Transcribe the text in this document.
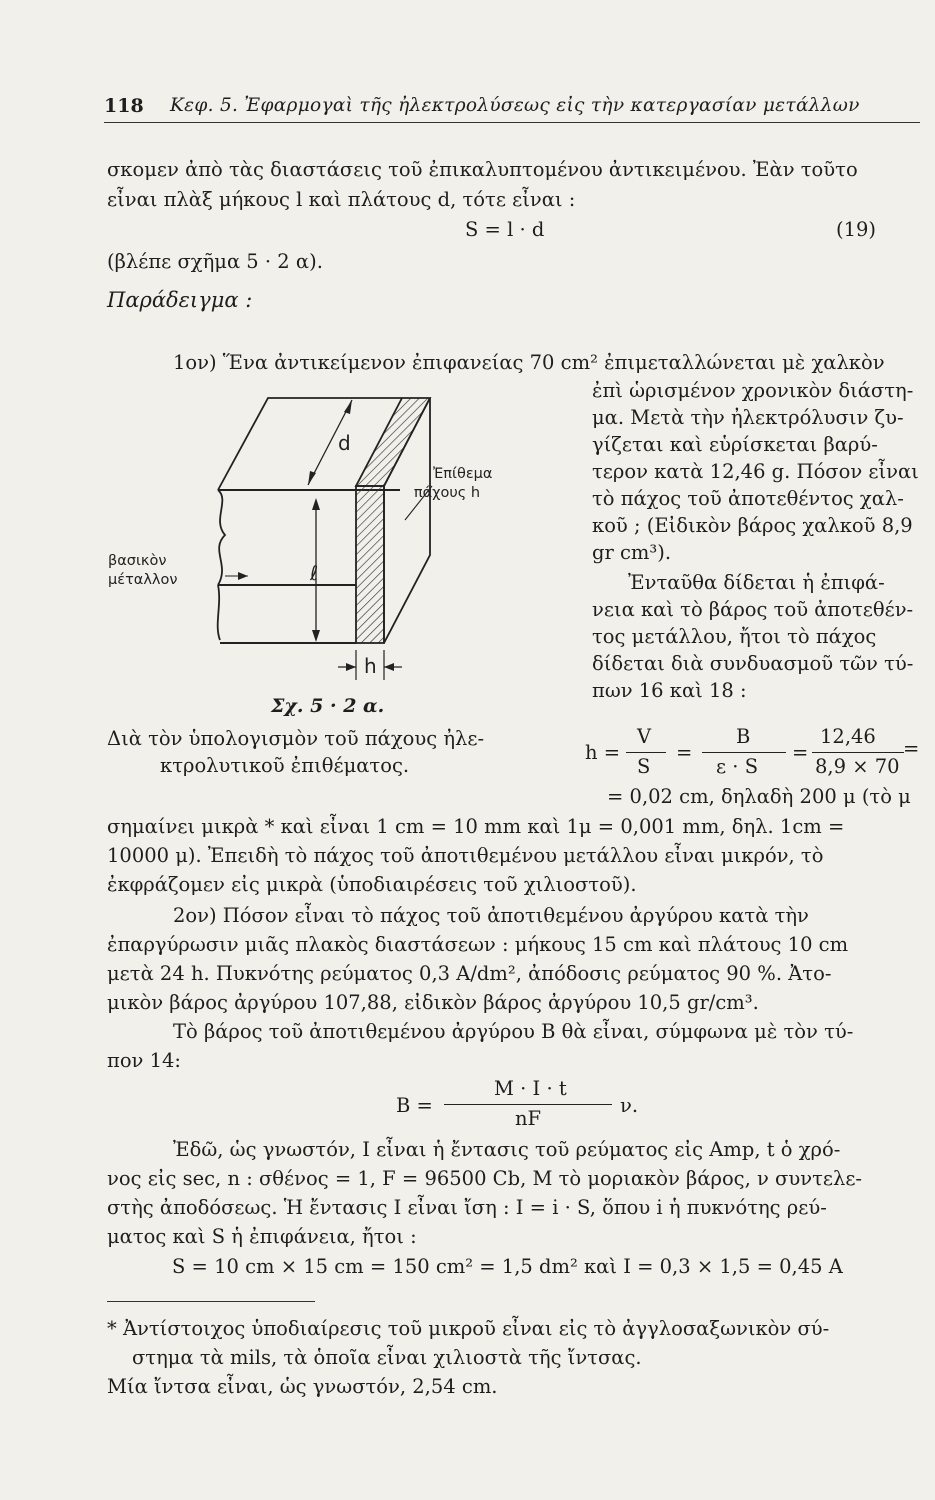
118 Κεφ. 5. Ἐφαρμογαὶ τῆς ἠλεκτρολύσεως εἰς τὴν κατεργασίαν μετάλλων
σκομεν ἀπὸ τὰς διαστάσεις τοῦ ἐπικαλυπτομένου ἀντικειμένου. Ἐὰν τοῦτο
εἶναι πλὰξ μήκους l καὶ πλάτους d, τότε εἶναι :
S = l · d	(19)
(βλέπε σχῆμα 5 · 2 α).
Παράδειγμα :
1ον) Ἕνα ἀντικείμενον ἐπιφανείας 70 cm² ἐπιμεταλλώνεται μὲ χαλκὸν
ἐπὶ ὡρισμένον χρονικὸν διάστη-
μα. Μετὰ τὴν ἠλεκτρόλυσιν ζυ-
γίζεται καὶ εὑρίσκεται βαρύ-
τερον κατὰ 12,46 g. Πόσον εἶναι
τὸ πάχος τοῦ ἀποτεθέντος χαλ-
κοῦ ; (Εἰδικὸν βάρος χαλκοῦ 8,9
gr cm³).
Ἐνταῦθα δίδεται ἡ ἐπιφά-
νεια καὶ τὸ βάρος τοῦ ἀποτεθέν-
τος μετάλλου, ἤτοι τὸ πάχος
δίδεται διὰ συνδυασμοῦ τῶν τύ-
πων 16 καὶ 18 :
d
ℓ
h
Ἐπίθεμα
πάχους h
βασικὸν
μέταλλον
Σχ. 5 · 2 α.
Διὰ τὸν ὑπολογισμὸν τοῦ πάχους ἠλε-
κτρολυτικοῦ ἐπιθέματος.
h =
V
S
=
B
ε · S
=
12,46
8,9 × 70
=
= 0,02 cm, δηλαδὴ 200 μ (τὸ μ
σημαίνει μικρὰ * καὶ εἶναι 1 cm = 10 mm καὶ 1μ = 0,001 mm, δηλ. 1cm =
10000 μ). Ἐπειδὴ τὸ πάχος τοῦ ἀποτιθεμένου μετάλλου εἶναι μικρόν, τὸ
ἐκφράζομεν εἰς μικρὰ (ὑποδιαιρέσεις τοῦ χιλιοστοῦ).
2ον) Πόσον εἶναι τὸ πάχος τοῦ ἀποτιθεμένου ἀργύρου κατὰ τὴν
ἐπαργύρωσιν μιᾶς πλακὸς διαστάσεων : μήκους 15 cm καὶ πλάτους 10 cm
μετὰ 24 h. Πυκνότης ρεύματος 0,3 A/dm², ἀπόδοσις ρεύματος 90 %. Ἀτο-
μικὸν βάρος ἀργύρου 107,88, εἰδικὸν βάρος ἀργύρου 10,5 gr/cm³.
Τὸ βάρος τοῦ ἀποτιθεμένου ἀργύρου B θὰ εἶναι, σύμφωνα μὲ τὸν τύ-
πον 14:
B =
M · I · t
nF
ν.
Ἐδῶ, ὡς γνωστόν, I εἶναι ἡ ἔντασις τοῦ ρεύματος εἰς Amp, t ὁ χρό-
νος εἰς sec, n : σθένος = 1, F = 96500 Cb, M τὸ μοριακὸν βάρος, ν συντελε-
στὴς ἀποδόσεως. Ἡ ἔντασις I εἶναι ἴση : I = i · S, ὅπου i ἡ πυκνότης ρεύ-
ματος καὶ S ἡ ἐπιφάνεια, ἤτοι :
S = 10 cm × 15 cm = 150 cm² = 1,5 dm² καὶ I = 0,3 × 1,5 = 0,45 A
* Ἀντίστοιχος ὑποδιαίρεσις τοῦ μικροῦ εἶναι εἰς τὸ ἀγγλοσαξωνικὸν σύ-
στημα τὰ mils, τὰ ὁποῖα εἶναι χιλιοστὰ τῆς ἴντσας.
Μία ἴντσα εἶναι, ὡς γνωστόν, 2,54 cm.
